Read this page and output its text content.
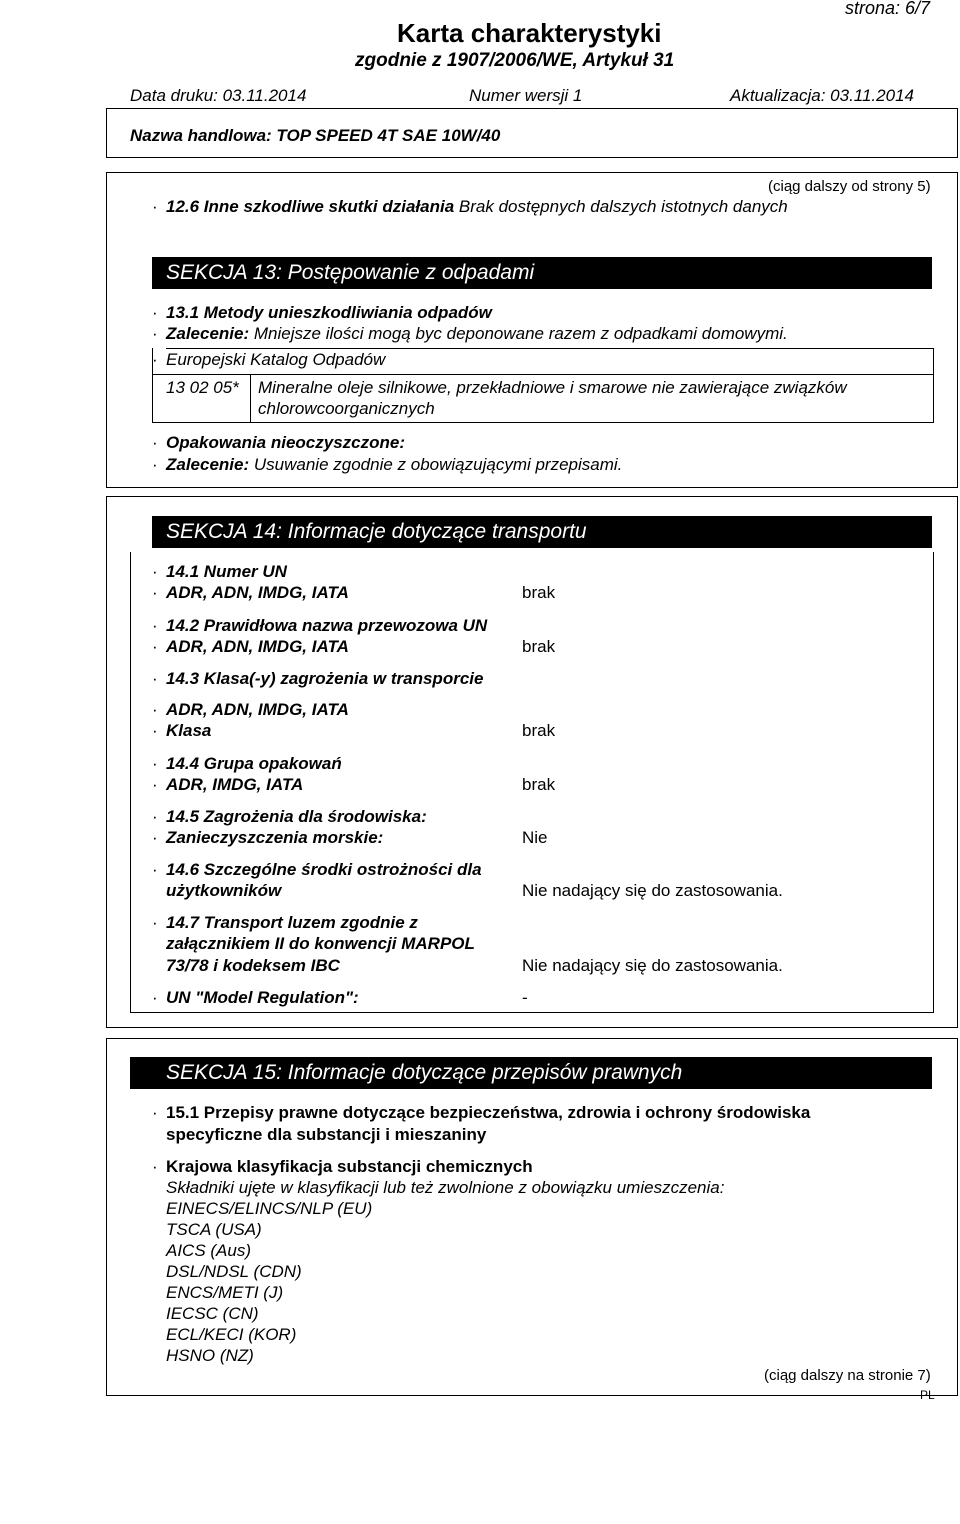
strona: 6/7
Karta charakterystyki
zgodnie z 1907/2006/WE, Artykuł 31
Data druku: 03.11.2014	Numer wersji 1	Aktualizacja: 03.11.2014
Nazwa handlowa: TOP SPEED 4T SAE 10W/40
(ciąg dalszy od strony 5)
· 12.6 Inne szkodliwe skutki działania Brak dostępnych dalszych istotnych danych
SEKCJA 13: Postępowanie z odpadami
· 13.1 Metody unieszkodliwiania odpadów
· Zalecenie: Mniejsze ilości mogą byc deponowane razem z odpadkami domowymi.
· Europejski Katalog Odpadów
13 02 05* Mineralne oleje silnikowe, przekładniowe i smarowe nie zawierające związków
chlorowcoorganicznych
· Opakowania nieoczyszczone:
· Zalecenie: Usuwanie zgodnie z obowiązującymi przepisami.
SEKCJA 14: Informacje dotyczące transportu
· 14.1 Numer UN
· ADR, ADN, IMDG, IATA	brak
· 14.2 Prawidłowa nazwa przewozowa UN
· ADR, ADN, IMDG, IATA	brak
· 14.3 Klasa(-y) zagrożenia w transporcie
· ADR, ADN, IMDG, IATA
· Klasa	brak
· 14.4 Grupa opakowań
· ADR, IMDG, IATA	brak
· 14.5 Zagrożenia dla środowiska:
· Zanieczyszczenia morskie:	Nie
· 14.6 Szczególne środki ostrożności dla
użytkowników	Nie nadający się do zastosowania.
· 14.7 Transport luzem zgodnie z
załącznikiem II do konwencji MARPOL
73/78 i kodeksem IBC	Nie nadający się do zastosowania.
· UN "Model Regulation":	-
SEKCJA 15: Informacje dotyczące przepisów prawnych
· 15.1 Przepisy prawne dotyczące bezpieczeństwa, zdrowia i ochrony środowiska
specyficzne dla substancji i mieszaniny
· Krajowa klasyfikacja substancji chemicznych
Składniki ujęte w klasyfikacji lub też zwolnione z obowiązku umieszczenia:
EINECS/ELINCS/NLP (EU)
TSCA (USA)
AICS (Aus)
DSL/NDSL (CDN)
ENCS/METI (J)
IECSC (CN)
ECL/KECI (KOR)
HSNO (NZ)
(ciąg dalszy na stronie 7)
PL
